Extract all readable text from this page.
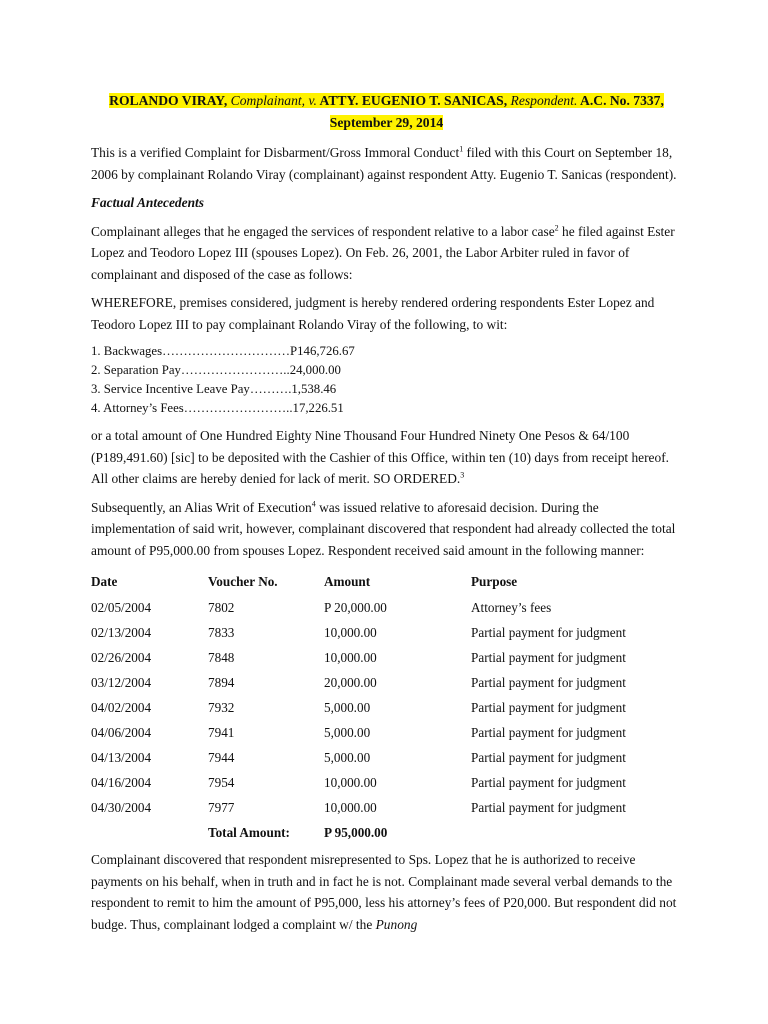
ROLANDO VIRAY, Complainant, v. ATTY. EUGENIO T. SANICAS, Respondent. A.C. No. 7337,
September 29, 2014

This is a verified Complaint for Disbarment/Gross Immoral Conduct$^1$ filed with this Court on September 18, 2006 by complainant Rolando Viray (complainant) against respondent Atty. Eugenio T. Sanicas (respondent).

Factual Antecedents

Complainant alleges that he engaged the services of respondent relative to a labor case$^2$ he filed against Ester Lopez and Teodoro Lopez III (spouses Lopez). On Feb. 26, 2001, the Labor Arbiter ruled in favor of complainant and disposed of the case as follows:

WHEREFORE, premises considered, judgment is hereby rendered ordering respondents Ester Lopez and Teodoro Lopez III to pay complainant Rolando Viray of the following, to wit:

1. Backwages…………………………P146,726.67
2. Separation Pay……………………..24,000.00
3. Service Incentive Leave Pay……….1,538.46
4. Attorney’s Fees……………………..17,226.51

or a total amount of One Hundred Eighty Nine Thousand Four Hundred Ninety One Pesos & 64/100 (P189,491.60) [sic] to be deposited with the Cashier of this Office, within ten (10) days from receipt hereof. All other claims are hereby denied for lack of merit. SO ORDERED.$^3$

Subsequently, an Alias Writ of Execution$^4$ was issued relative to aforesaid decision. During the implementation of said writ, however, complainant discovered that respondent had already collected the total amount of P95,000.00 from spouses Lopez. Respondent received said amount in the following manner:

Date	Voucher No.	Amount	Purpose
02/05/2004	7802	P 20,000.00	Attorney’s fees
02/13/2004	7833	10,000.00	Partial payment for judgment
02/26/2004	7848	10,000.00	Partial payment for judgment
03/12/2004	7894	20,000.00	Partial payment for judgment
04/02/2004	7932	5,000.00	Partial payment for judgment
04/06/2004	7941	5,000.00	Partial payment for judgment
04/13/2004	7944	5,000.00	Partial payment for judgment
04/16/2004	7954	10,000.00	Partial payment for judgment
04/30/2004	7977	10,000.00	Partial payment for judgment
	Total Amount:	P 95,000.00	

Complainant discovered that respondent misrepresented to Sps. Lopez that he is authorized to receive payments on his behalf, when in truth and in fact he is not. Complainant made several verbal demands to the respondent to remit to him the amount of P95,000, less his attorney’s fees of P20,000. But respondent did not budge. Thus, complainant lodged a complaint w/ the Punong
